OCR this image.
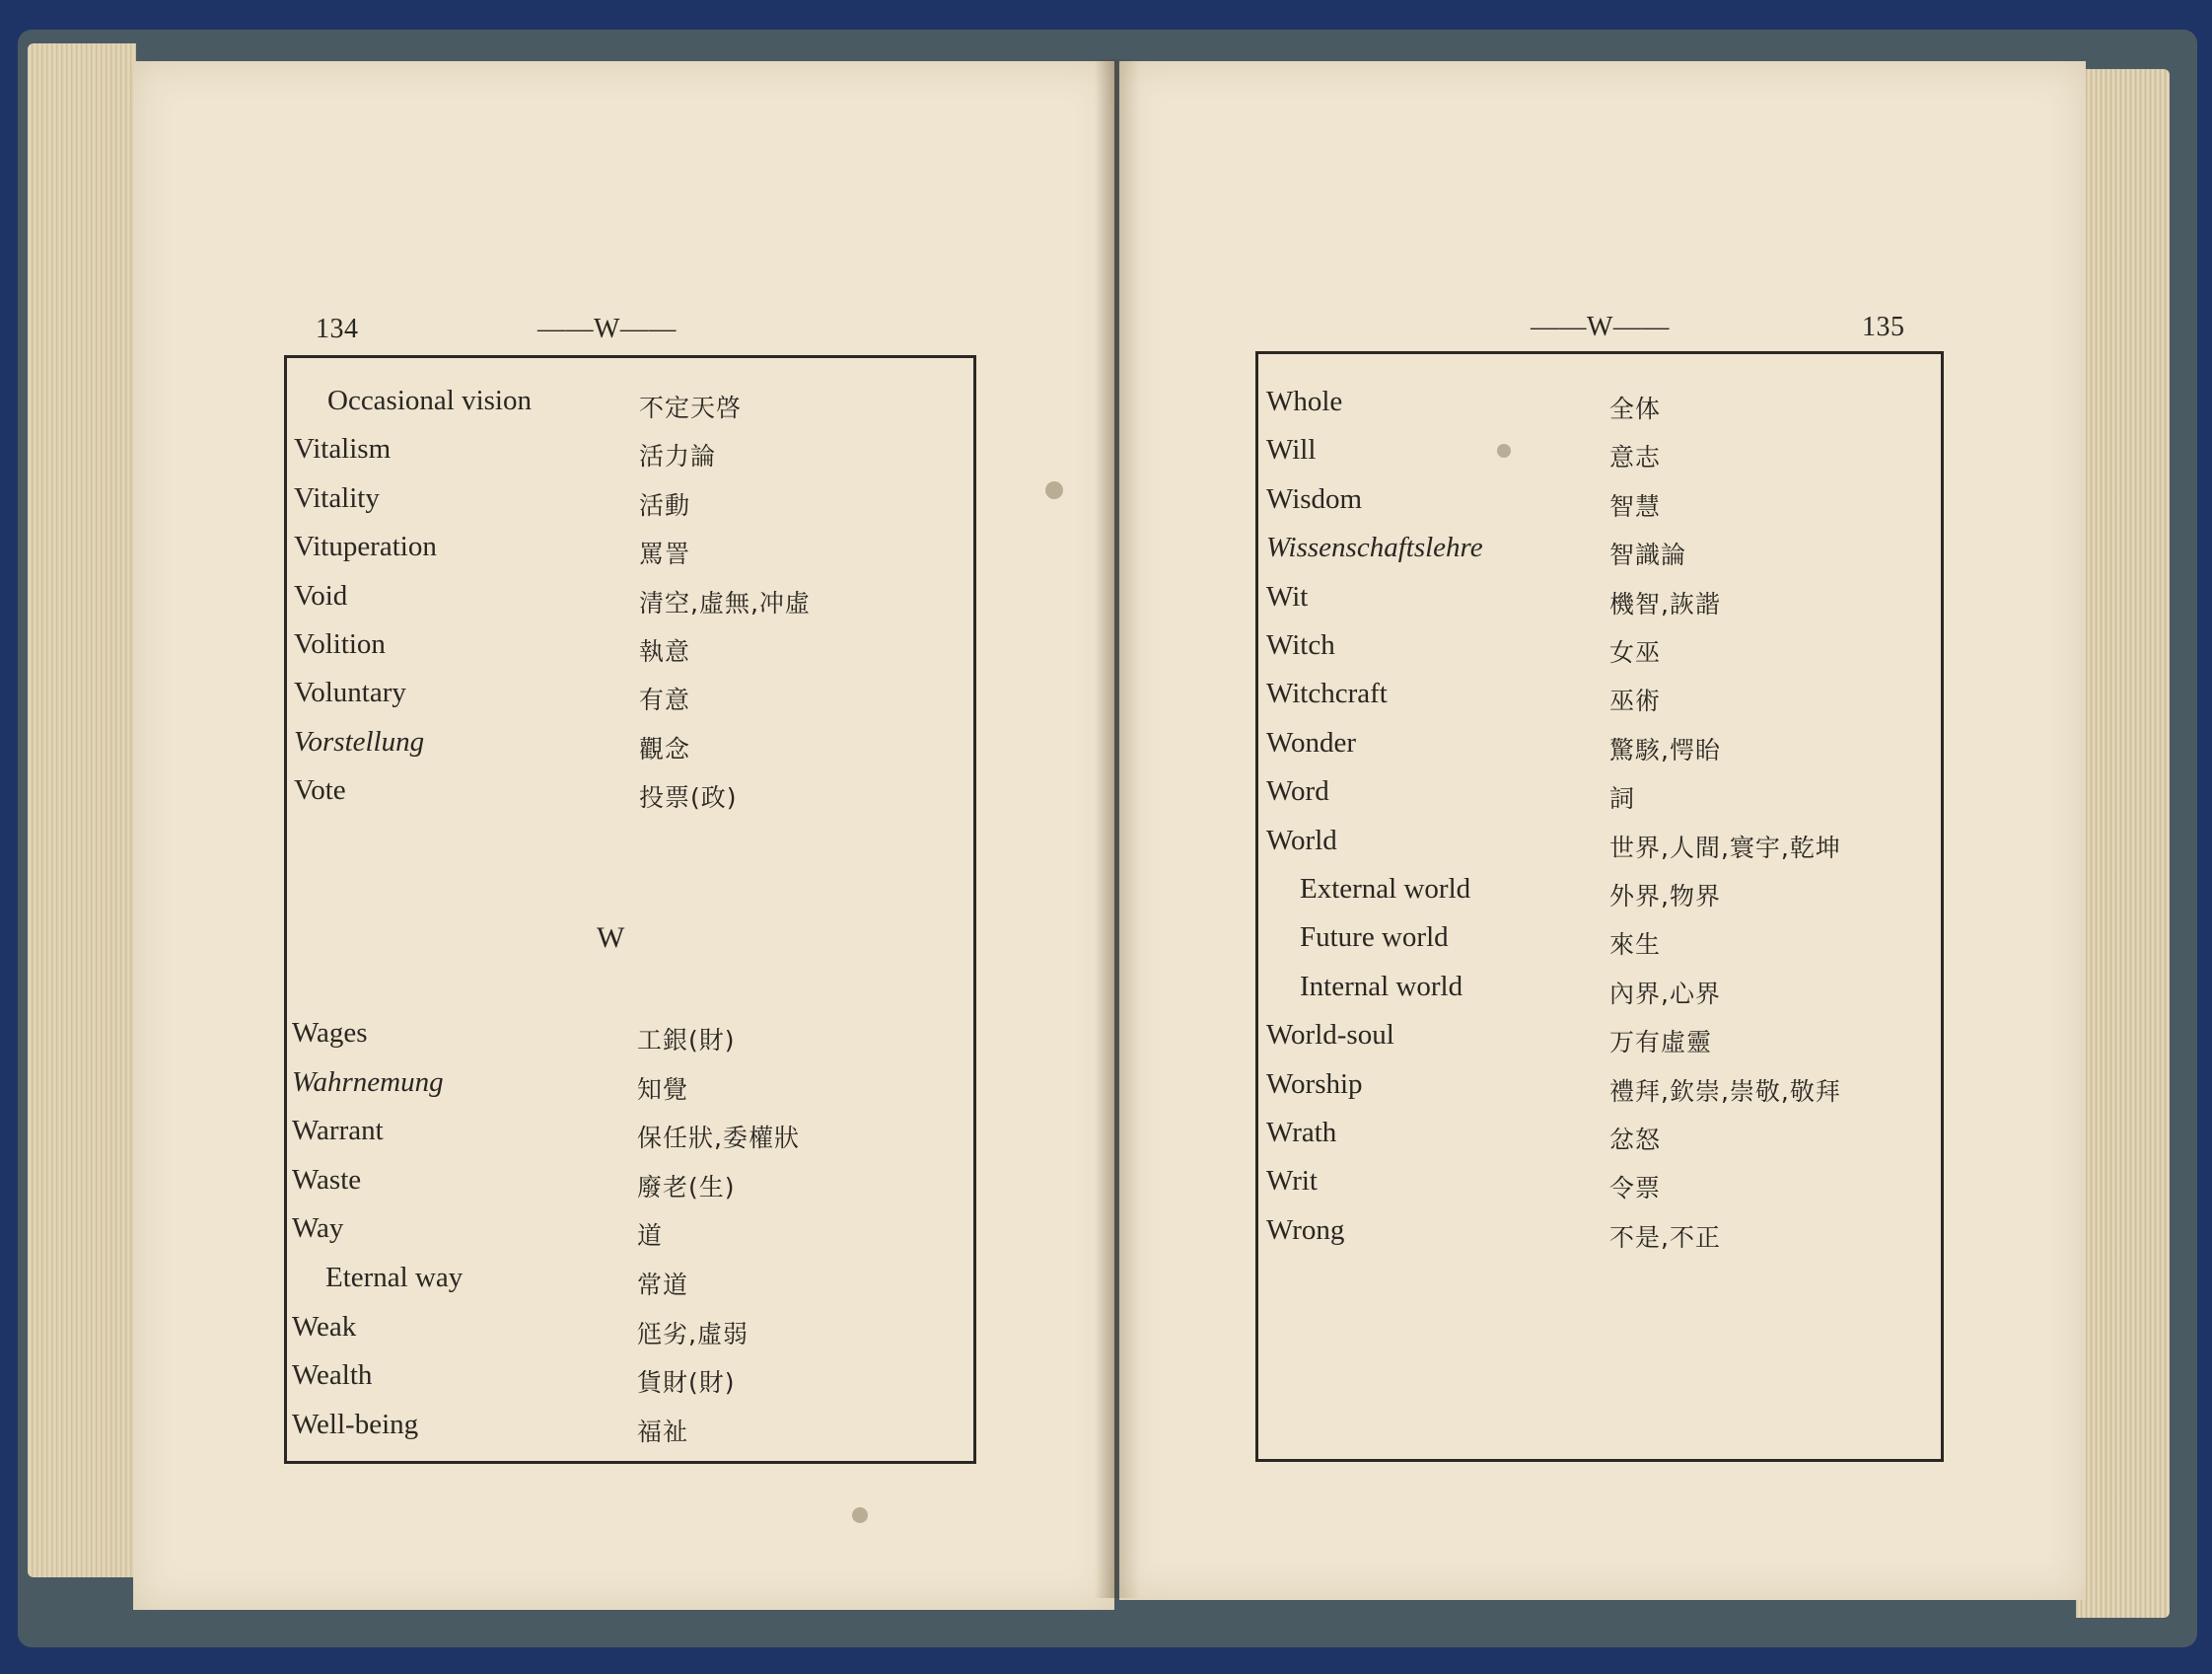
134	——W——	——W——	135
Occasional vision	不定天啓
Vitalism	活力論
Vitality	活動
Vituperation	罵詈
Void	清空,虛無,冲虛
Volition	執意
Voluntary	有意
Vorstellung	觀念
Vote	投票(政)
W
Wages	工銀(財)
Wahrnemung	知覺
Warrant	保任狀,委權狀
Waste	廢老(生)
Way	道
Eternal way	常道
Weak	尩劣,虛弱
Wealth	貨財(財)
Well-being	福祉
Whole	全体
Will	意志
Wisdom	智慧
Wissenschaftslehre	智識論
Wit	機智,詼諧
Witch	女巫
Witchcraft	巫術
Wonder	驚駭,愕眙
Word	詞
World	世界,人間,寰宇,乾坤
External world	外界,物界
Future world	來生
Internal world	內界,心界
World-soul	万有虛靈
Worship	禮拜,欽崇,崇敬,敬拜
Wrath	忿怒
Writ	令票
Wrong	不是,不正
